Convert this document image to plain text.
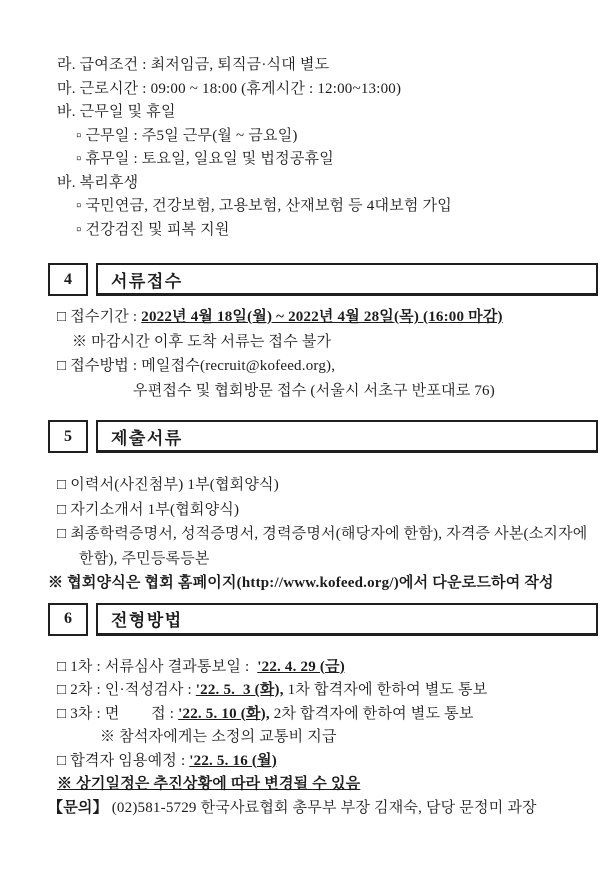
라. 급여조건 : 최저임금, 퇴직금·식대 별도
마. 근로시간 : 09:00 ~ 18:00 (휴게시간 : 12:00~13:00)
바. 근무일 및 휴일
▫ 근무일 : 주5일 근무(월 ~ 금요일)
▫ 휴무일 : 토요일, 일요일 및 법정공휴일
바. 복리후생
▫ 국민연금, 건강보험, 고용보험, 산재보험 등 4대보험 가입
▫ 건강검진 및 피복 지원
4	서류접수
□ 접수기간 : 2022년 4월 18일(월) ~ 2022년 4월 28일(목) (16:00 마감)
※ 마감시간 이후 도착 서류는 접수 불가
□ 접수방법 : 메일접수(recruit@kofeed.org),
우편접수 및 협회방문 접수 (서울시 서초구 반포대로 76)
5	제출서류
□ 이력서(사진첨부) 1부(협회양식)
□ 자기소개서 1부(협회양식)
□ 최종학력증명서, 성적증명서, 경력증명서(해당자에 한함), 자격증 사본(소지자에 한함), 주민등록등본
※ 협회양식은 협회 홈페이지(http://www.kofeed.org/)에서 다운로드하여 작성
6	전형방법
□ 1차 : 서류심사 결과통보일 :  '22. 4. 29 (금)
□ 2차 : 인·적성검사 : '22. 5.  3 (화), 1차 합격자에 한하여 별도 통보
□ 3차 : 면        접 : '22. 5. 10 (화), 2차 합격자에 한하여 별도 통보
※ 참석자에게는 소정의 교통비 지급
□ 합격자 임용예정 : '22. 5. 16 (월)
※ 상기일정은 추진상황에 따라 변경될 수 있음
【문의】 (02)581-5729 한국사료협회 총무부 부장 김재숙, 담당 문정미 과장
